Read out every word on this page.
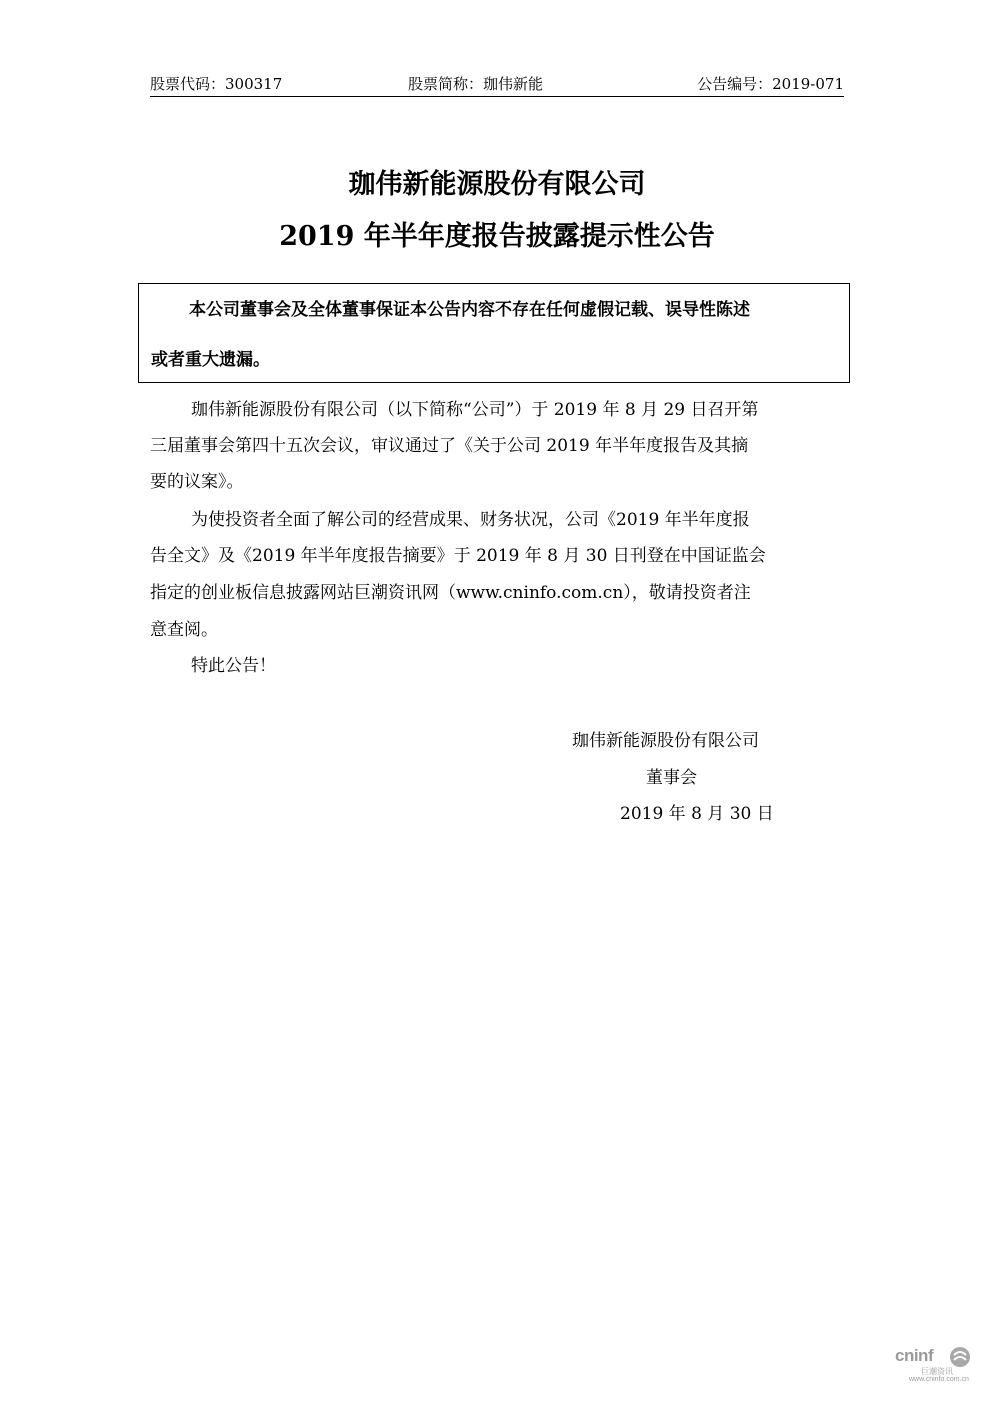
股票代码：300317	股票简称：珈伟新能	公告编号：2019-071
珈伟新能源股份有限公司
2019 年半年度报告披露提示性公告
本公司董事会及全体董事保证本公告内容不存在任何虚假记载、误导性陈述
或者重大遗漏。
珈伟新能源股份有限公司（以下简称“公司”）于 2019 年 8 月 29 日召开第
三届董事会第四十五次会议，审议通过了《关于公司 2019 年半年度报告及其摘
要的议案》。
为使投资者全面了解公司的经营成果、财务状况，公司《2019 年半年度报
告全文》及《2019 年半年度报告摘要》于 2019 年 8 月 30 日刊登在中国证监会
指定的创业板信息披露网站巨潮资讯网（www.cninfo.com.cn），敬请投资者注
意查阅。
特此公告！
珈伟新能源股份有限公司
董事会
2019 年 8 月 30 日
cninf
巨潮资讯
www.cninfo.com.cn
